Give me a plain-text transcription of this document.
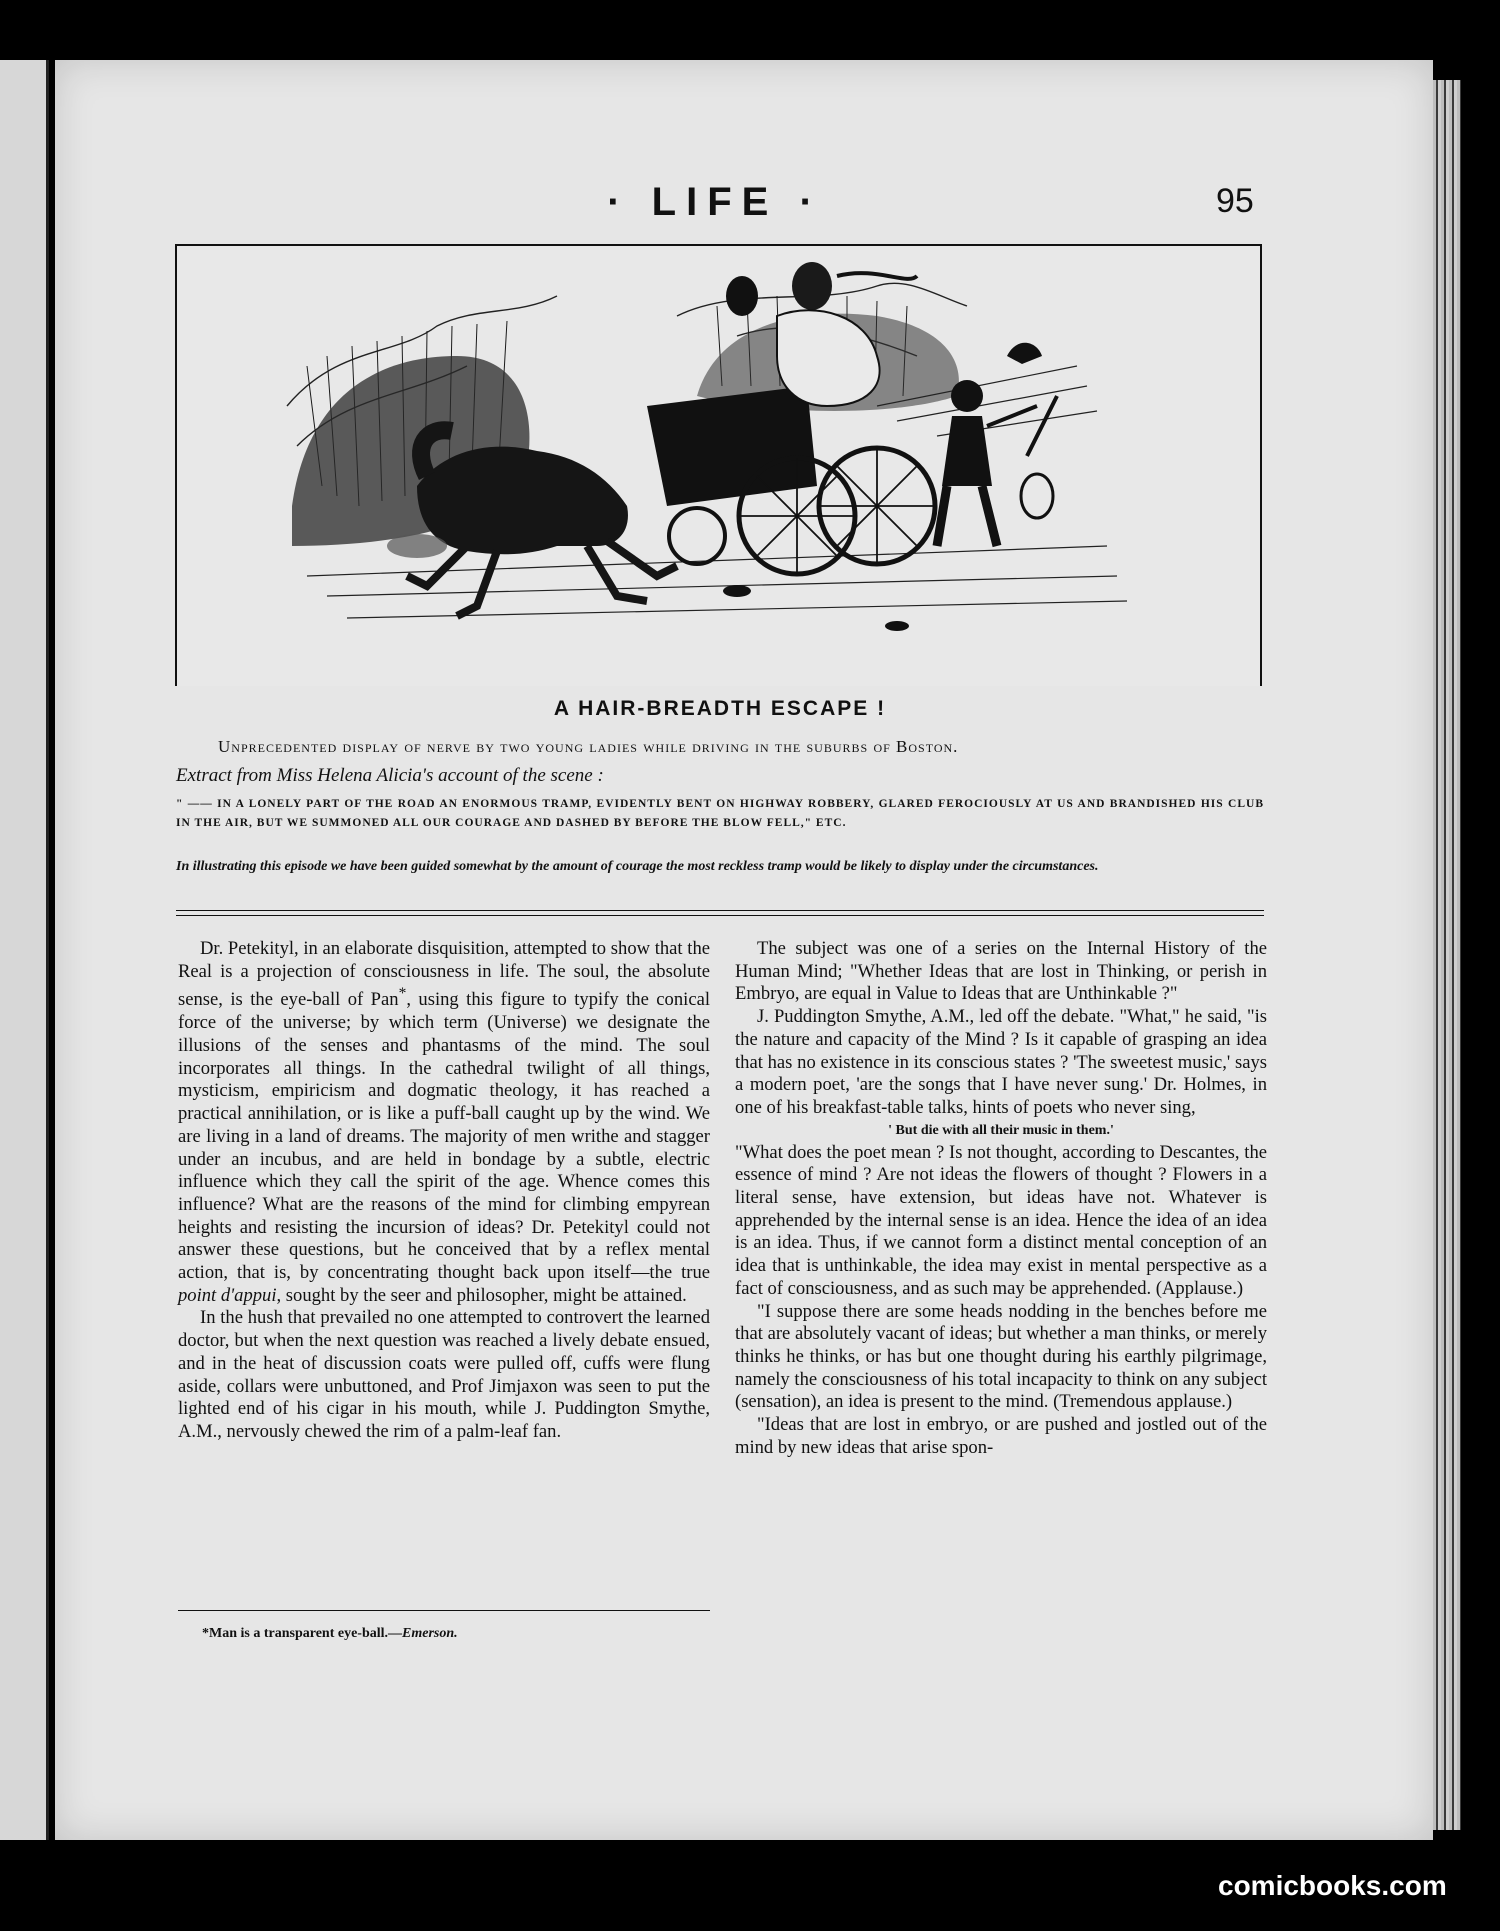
· LIFE ·	95
A HAIR-BREADTH ESCAPE !
Unprecedented display of nerve by two young ladies while driving in the suburbs of Boston.
Extract from Miss Helena Alicia's account of the scene :
" —— IN A LONELY PART OF THE ROAD AN ENORMOUS TRAMP, EVIDENTLY BENT ON HIGHWAY ROBBERY, GLARED FEROCIOUSLY AT US AND BRANDISHED HIS CLUB IN THE AIR, BUT WE SUMMONED ALL OUR COURAGE AND DASHED BY BEFORE THE BLOW FELL," ETC.
In illustrating this episode we have been guided somewhat by the amount of courage the most reckless tramp would be likely to display under the circumstances.

Dr. Petekityl, in an elaborate disquisition, attempted to show that the Real is a projection of consciousness in life. The soul, the absolute sense, is the eye-ball of Pan*, using this figure to typify the conical force of the universe; by which term (Universe) we designate the illusions of the senses and phantasms of the mind. The soul incorporates all things. In the cathedral twilight of all things, mysticism, empiricism and dogmatic theology, it has reached a practical annihilation, or is like a puff-ball caught up by the wind. We are living in a land of dreams. The majority of men writhe and stagger under an incubus, and are held in bondage by a subtle, electric influence which they call the spirit of the age. Whence comes this influence? What are the reasons of the mind for climbing empyrean heights and resisting the incursion of ideas? Dr. Petekityl could not answer these questions, but he conceived that by a reflex mental action, that is, by concentrating thought back upon itself—the true point d'appui, sought by the seer and philosopher, might be attained.

In the hush that prevailed no one attempted to controvert the learned doctor, but when the next question was reached a lively debate ensued, and in the heat of discussion coats were pulled off, cuffs were flung aside, collars were unbuttoned, and Prof Jimjaxon was seen to put the lighted end of his cigar in his mouth, while J. Puddington Smythe, A.M., nervously chewed the rim of a palm-leaf fan.

*Man is a transparent eye-ball.—Emerson.

The subject was one of a series on the Internal History of the Human Mind; "Whether Ideas that are lost in Thinking, or perish in Embryo, are equal in Value to Ideas that are Unthinkable ?"

J. Puddington Smythe, A.M., led off the debate. "What," he said, "is the nature and capacity of the Mind ? Is it capable of grasping an idea that has no existence in its conscious states ? 'The sweetest music,' says a modern poet, 'are the songs that I have never sung.' Dr. Holmes, in one of his breakfast-table talks, hints of poets who never sing,

' But die with all their music in them.'

"What does the poet mean ? Is not thought, according to Descantes, the essence of mind ? Are not ideas the flowers of thought ? Flowers in a literal sense, have extension, but ideas have not. Whatever is apprehended by the internal sense is an idea. Hence the idea of an idea is an idea. Thus, if we cannot form a distinct mental conception of an idea that is unthinkable, the idea may exist in mental perspective as a fact of consciousness, and as such may be apprehended. (Applause.)

"I suppose there are some heads nodding in the benches before me that are absolutely vacant of ideas; but whether a man thinks, or merely thinks he thinks, or has but one thought during his earthly pilgrimage, namely the consciousness of his total incapacity to think on any subject (sensation), an idea is present to the mind. (Tremendous applause.)

"Ideas that are lost in embryo, or are pushed and jostled out of the mind by new ideas that arise spon-

comicbooks.com
